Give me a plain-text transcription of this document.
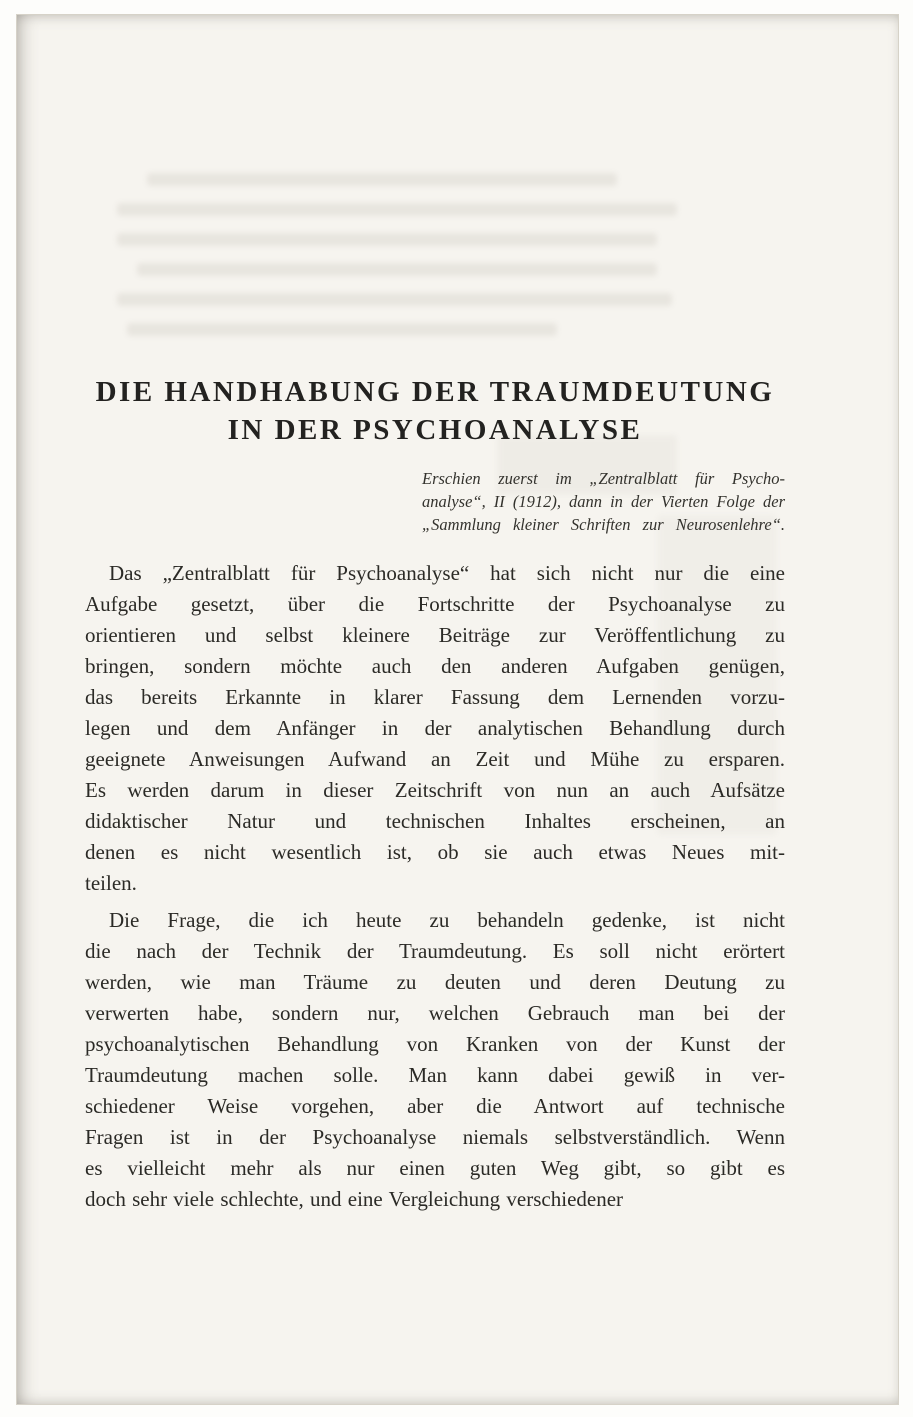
DIE HANDHABUNG DER TRAUMDEUTUNG
IN DER PSYCHOANALYSE
Erschien zuerst im „Zentralblatt für Psycho-
analyse“, II (1912), dann in der Vierten Folge der
„Sammlung kleiner Schriften zur Neurosenlehre“.
Das „Zentralblatt für Psychoanalyse“ hat sich nicht nur die eine
Aufgabe gesetzt, über die Fortschritte der Psychoanalyse zu
orientieren und selbst kleinere Beiträge zur Veröffentlichung zu
bringen, sondern möchte auch den anderen Aufgaben genügen,
das bereits Erkannte in klarer Fassung dem Lernenden vorzu-
legen und dem Anfänger in der analytischen Behandlung durch
geeignete Anweisungen Aufwand an Zeit und Mühe zu ersparen.
Es werden darum in dieser Zeitschrift von nun an auch Aufsätze
didaktischer Natur und technischen Inhaltes erscheinen, an
denen es nicht wesentlich ist, ob sie auch etwas Neues mit-
teilen.
Die Frage, die ich heute zu behandeln gedenke, ist nicht
die nach der Technik der Traumdeutung. Es soll nicht erörtert
werden, wie man Träume zu deuten und deren Deutung zu
verwerten habe, sondern nur, welchen Gebrauch man bei der
psychoanalytischen Behandlung von Kranken von der Kunst der
Traumdeutung machen solle. Man kann dabei gewiß in ver-
schiedener Weise vorgehen, aber die Antwort auf technische
Fragen ist in der Psychoanalyse niemals selbstverständlich. Wenn
es vielleicht mehr als nur einen guten Weg gibt, so gibt es
doch sehr viele schlechte, und eine Vergleichung verschiedener
